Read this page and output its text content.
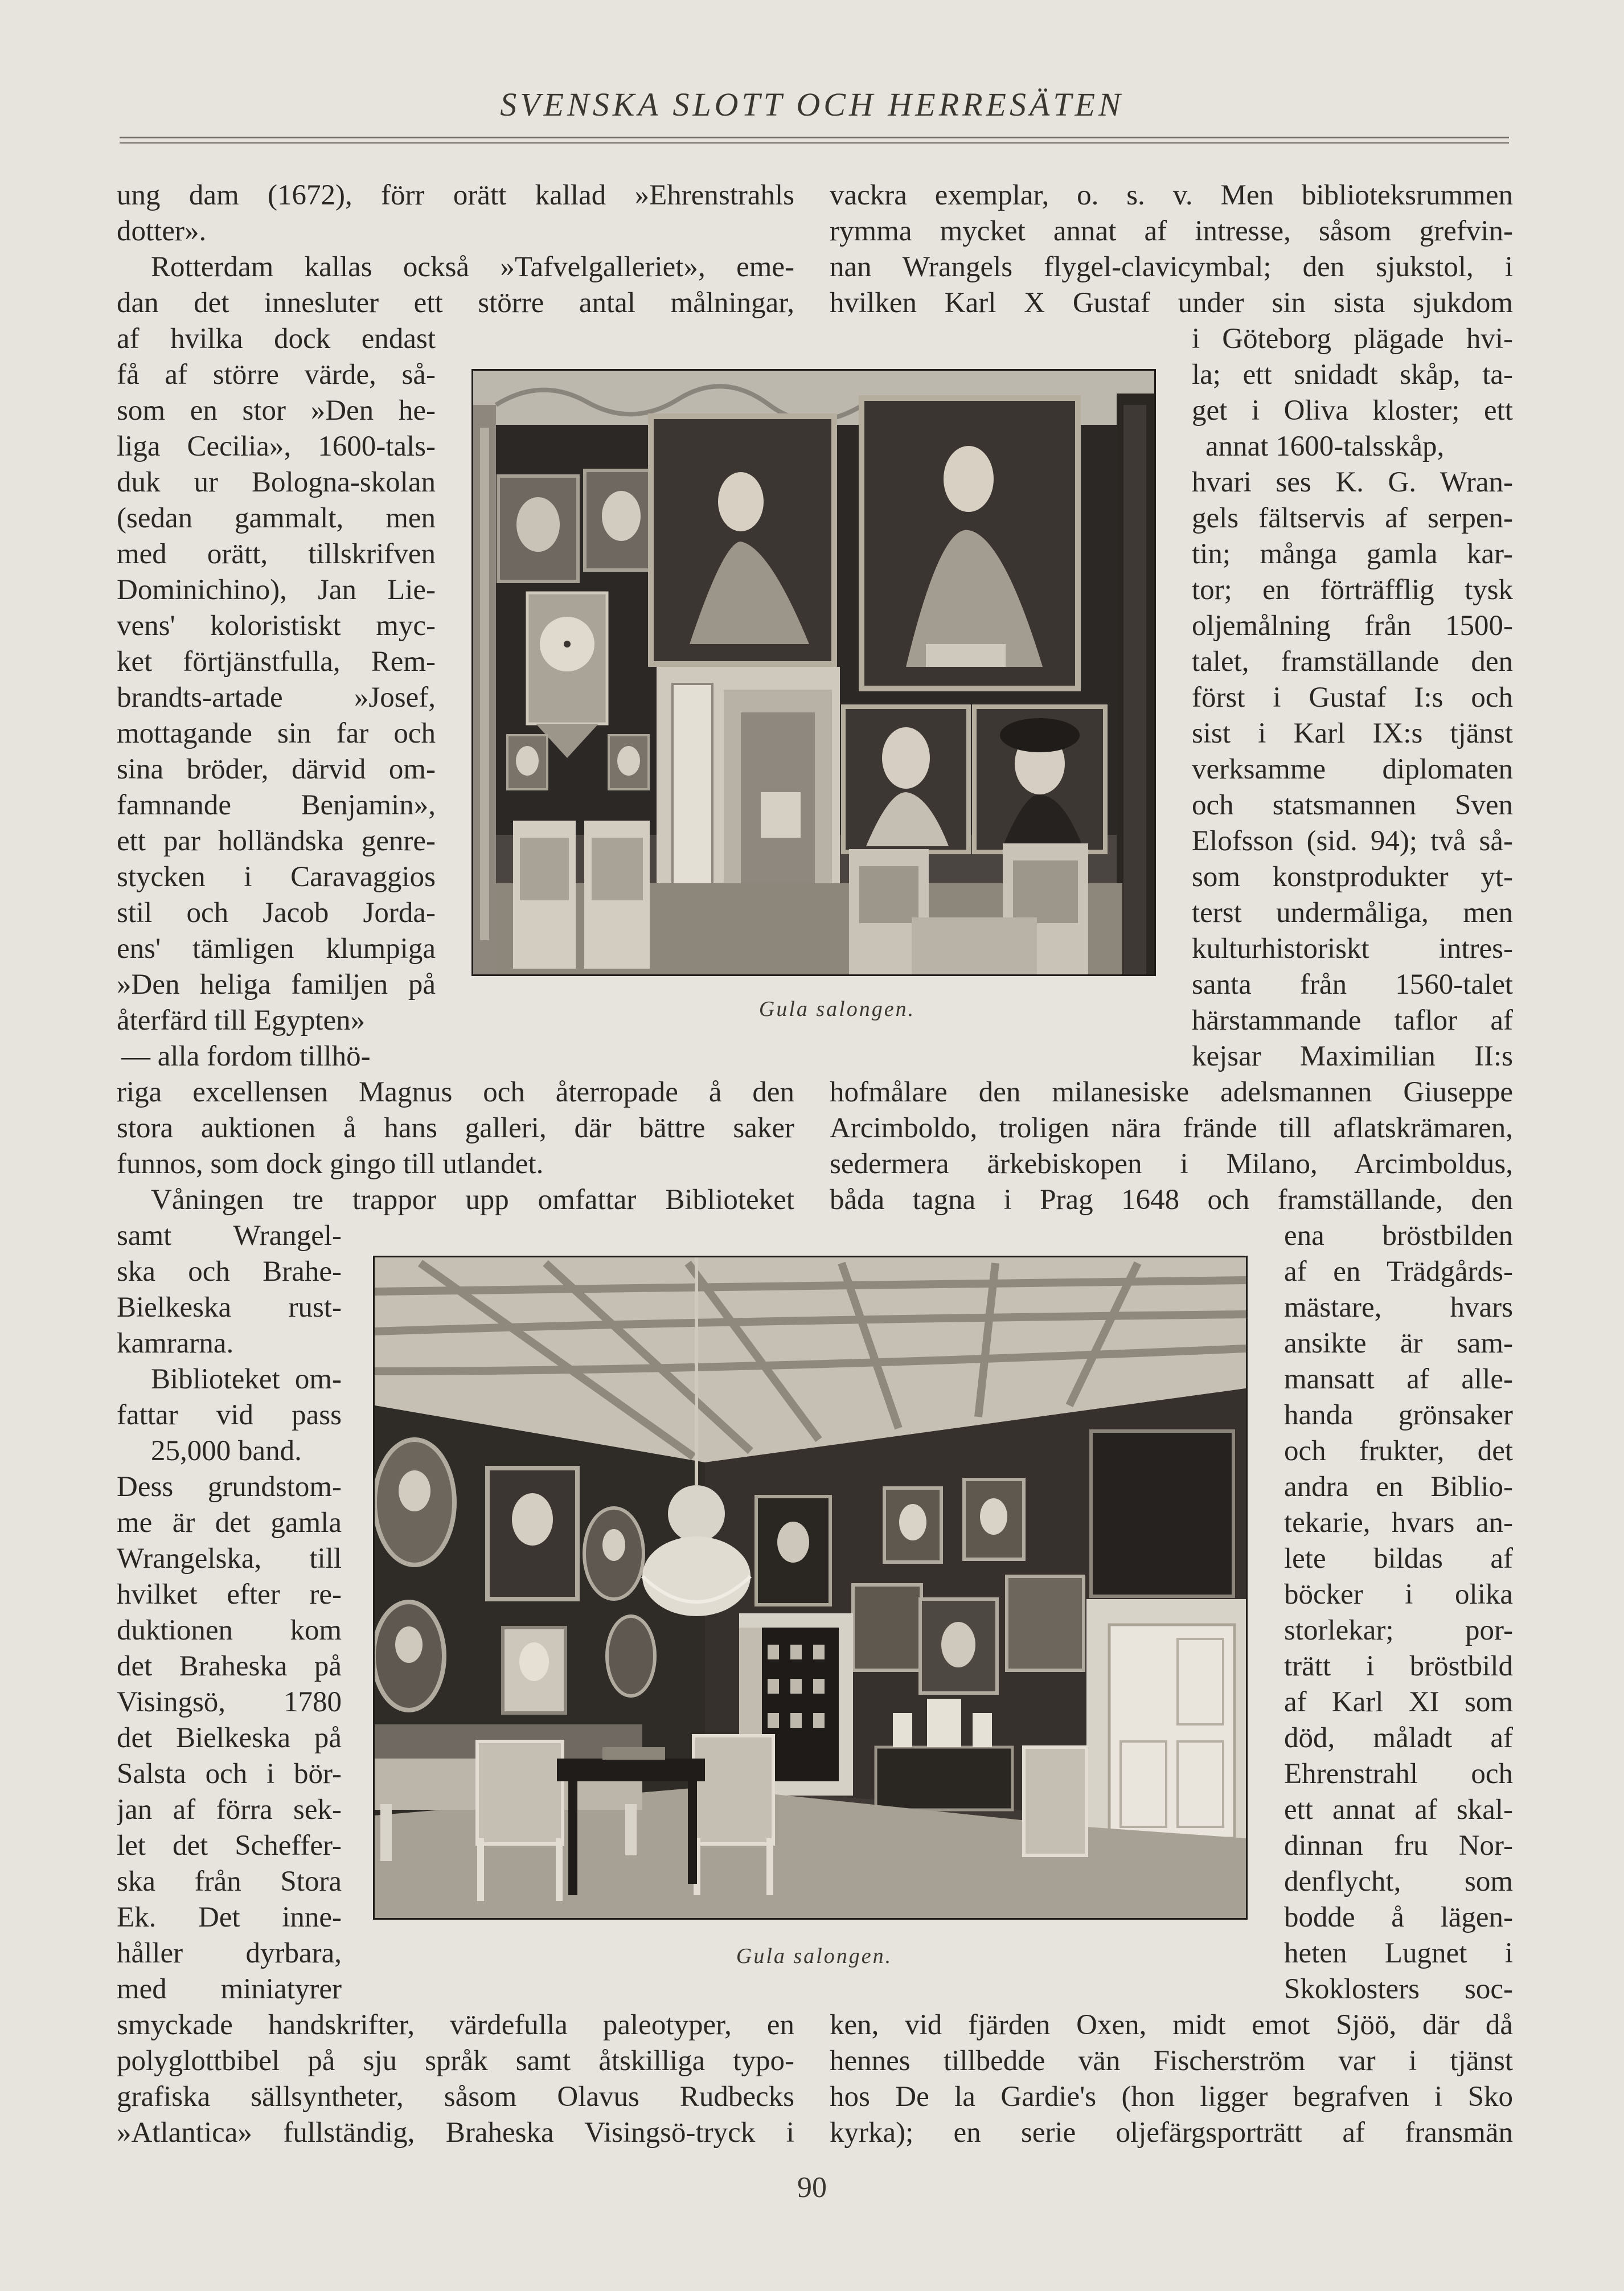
SVENSKA SLOTT OCH HERRESÄTEN
ung dam (1672), förr orätt kallad »Ehrenstrahls
dotter».
Rotterdam kallas också »Tafvelgalleriet», eme-
dan det innesluter ett större antal målningar,
af hvilka dock endast
få af större värde, så-
som en stor »Den he-
liga Cecilia», 1600-tals-
duk ur Bologna-skolan
(sedan gammalt, men
med orätt, tillskrifven
Dominichino), Jan Lie-
vens' koloristiskt myc-
ket förtjänstfulla, Rem-
brandts-artade »Josef,
mottagande sin far och
sina bröder, därvid om-
famnande Benjamin»,
ett par holländska genre-
stycken i Caravaggios
stil och Jacob Jorda-
ens' tämligen klumpiga
»Den heliga familjen på
återfärd till Egypten»
— alla fordom tillhö-
riga excellensen Magnus och återropade å den
stora auktionen å hans galleri, där bättre saker
funnos, som dock gingo till utlandet.
Våningen tre trappor upp omfattar Biblioteket
samt Wrangel-
ska och Brahe-
Bielkeska rust-
kamrarna.
Biblioteket om-
fattar vid pass
25,000 band.
Dess grundstom-
me är det gamla
Wrangelska, till
hvilket efter re-
duktionen kom
det Braheska på
Visingsö, 1780
det Bielkeska på
Salsta och i bör-
jan af förra sek-
let det Scheffer-
ska från Stora
Ek. Det inne-
håller dyrbara,
med miniatyrer
smyckade handskrifter, värdefulla paleotyper, en
polyglottbibel på sju språk samt åtskilliga typo-
grafiska sällsyntheter, såsom Olavus Rudbecks
»Atlantica» fullständig, Braheska Visingsö-tryck i
vackra exemplar, o. s. v. Men biblioteksrummen
rymma mycket annat af intresse, såsom grefvin-
nan Wrangels flygel-clavicymbal; den sjukstol, i
hvilken Karl X Gustaf under sin sista sjukdom
i Göteborg plägade hvi-
la; ett snidadt skåp, ta-
get i Oliva kloster; ett
annat 1600-talsskåp,
hvari ses K. G. Wran-
gels fältservis af serpen-
tin; många gamla kar-
tor; en förträfflig tysk
oljemålning från 1500-
talet, framställande den
först i Gustaf I:s och
sist i Karl IX:s tjänst
verksamme diplomaten
och statsmannen Sven
Elofsson (sid. 94); två så-
som konstprodukter yt-
terst undermåliga, men
kulturhistoriskt intres-
santa från 1560-talet
härstammande taflor af
kejsar Maximilian II:s
hofmålare den milanesiske adelsmannen Giuseppe
Arcimboldo, troligen nära frände till aflatskrämaren,
sedermera ärkebiskopen i Milano, Arcimboldus,
båda tagna i Prag 1648 och framställande, den
ena bröstbilden
af en Trädgårds-
mästare, hvars
ansikte är sam-
mansatt af alle-
handa grönsaker
och frukter, det
andra en Biblio-
tekarie, hvars an-
lete bildas af
böcker i olika
storlekar; por-
trätt i bröstbild
af Karl XI som
död, måladt af
Ehrenstrahl och
ett annat af skal-
dinnan fru Nor-
denflycht, som
bodde å lägen-
heten Lugnet i
Skoklosters soc-
ken, vid fjärden Oxen, midt emot Sjöö, där då
hennes tillbedde vän Fischerström var i tjänst
hos De la Gardie's (hon ligger begrafven i Sko
kyrka); en serie oljefärgsporträtt af fransmän
Gula salongen.
Gula salongen.
90
